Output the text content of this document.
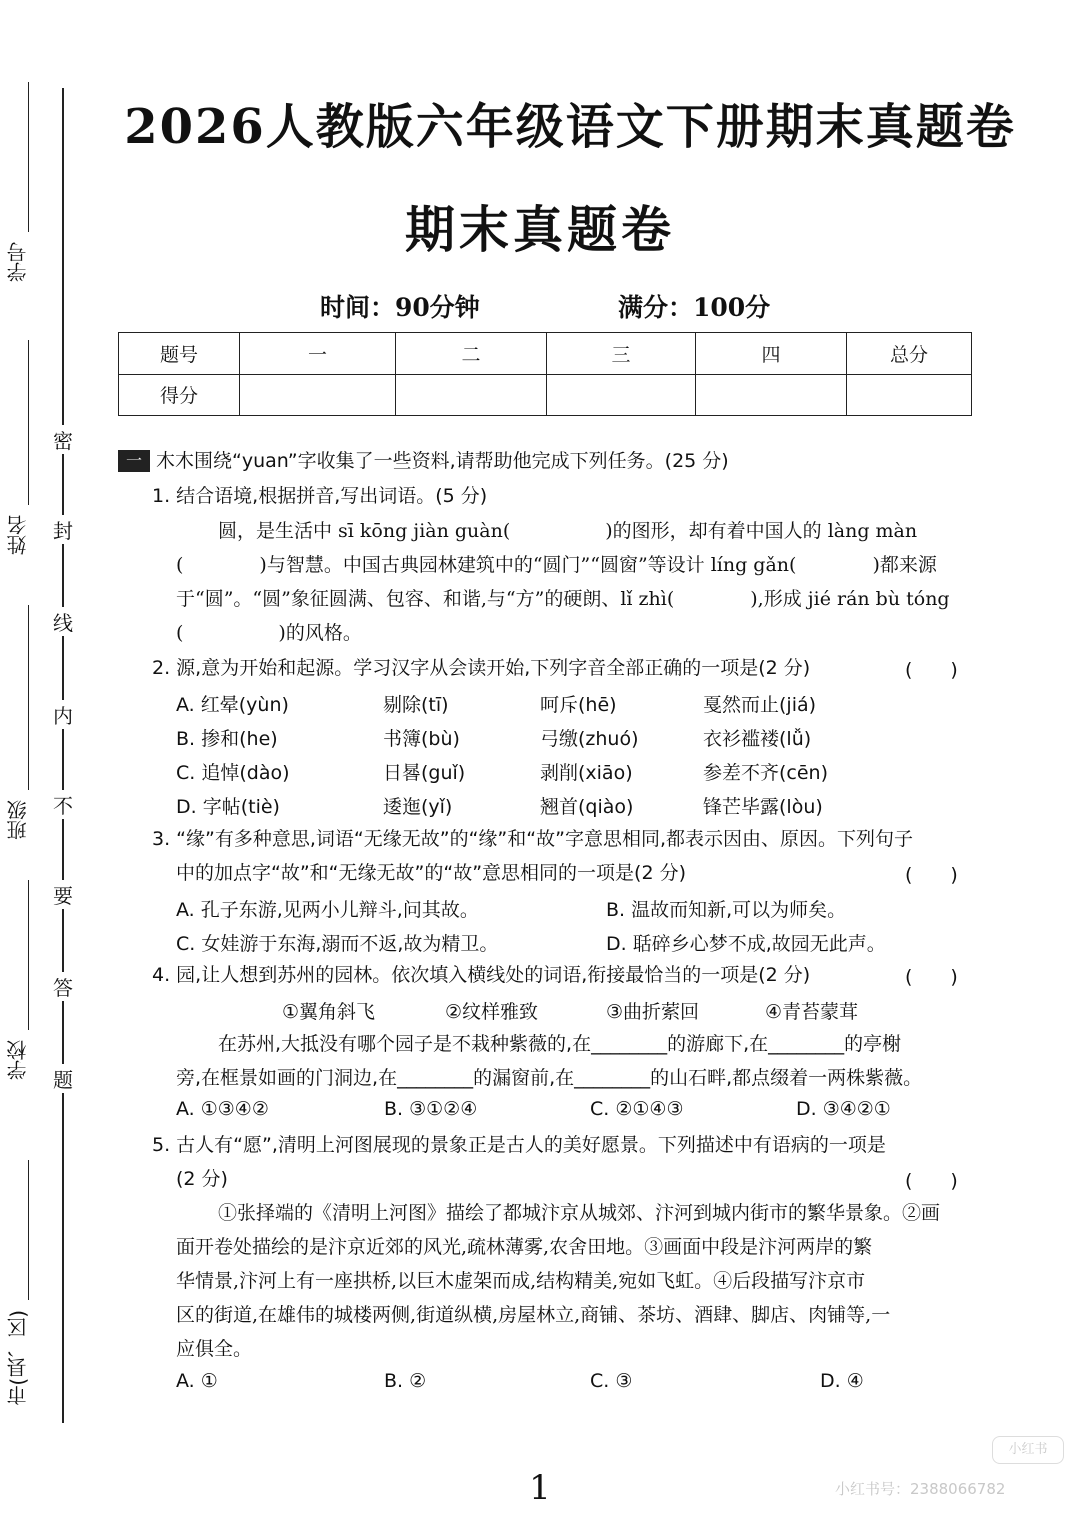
学号
姓名
班级
学校
市(县、区)
密
封
线
内
不
要
答
题
2026人教版六年级语文下册期末真题卷
期末真题卷
时间：90分钟	满分：100分
题号	一	二	三	四	总分
得分					
一 木木围绕“yuan”字收集了一些资料,请帮助他完成下列任务。(25 分)
1. 结合语境,根据拼音,写出词语。(5 分)
圆，是生活中 sī kōng jiàn guàn(　　　　　)的图形，却有着中国人的 làng màn
(　　　　)与智慧。中国古典园林建筑中的“圆门”“圆窗”等设计 líng gǎn(　　　　)都来源
于“圆”。“圆”象征圆满、包容、和谐,与“方”的硬朗、lǐ zhì(　　　　),形成 jié rán bù tóng
(　　　　　)的风格。
2. 源,意为开始和起源。学习汉字从会读开始,下列字音全部正确的一项是(2 分)	(　　)
A. 红晕(yùn)	剔除(tī)	呵斥(hē)	戛然而止(jiá)
B. 掺和(he)	书簿(bù)	弓缴(zhuó)	衣衫褴褛(lǚ)
C. 追悼(dào)	日晷(guǐ)	剥削(xiāo)	参差不齐(cēn)
D. 字帖(tiè)	逶迤(yǐ)	翘首(qiào)	锋芒毕露(lòu)
3. “缘”有多种意思,词语“无缘无故”的“缘”和“故”字意思相同,都表示因由、原因。下列句子
中的加点字“故”和“无缘无故”的“故”意思相同的一项是(2 分)	(　　)
A. 孔子东游,见两小儿辩斗,问其故。	B. 温故而知新,可以为师矣。
C. 女娃游于东海,溺而不返,故为精卫。	D. 聒碎乡心梦不成,故园无此声。
4. 园,让人想到苏州的园林。依次填入横线处的词语,衔接最恰当的一项是(2 分)	(　　)
①翼角斜飞	②纹样雅致	③曲折萦回	④青苔蒙茸
在苏州,大抵没有哪个园子是不栽种紫薇的,在________的游廊下,在________的亭榭
旁,在框景如画的门洞边,在________的漏窗前,在________的山石畔,都点缀着一两株紫薇。
A. ①③④②	B. ③①②④	C. ②①④③	D. ③④②①
5. 古人有“愿”,清明上河图展现的景象正是古人的美好愿景。下列描述中有语病的一项是
(2 分)	(　　)
①张择端的《清明上河图》描绘了都城汴京从城郊、汴河到城内街市的繁华景象。②画
面开卷处描绘的是汴京近郊的风光,疏林薄雾,农舍田地。③画面中段是汴河两岸的繁
华情景,汴河上有一座拱桥,以巨木虚架而成,结构精美,宛如飞虹。④后段描写汴京市
区的街道,在雄伟的城楼两侧,街道纵横,房屋林立,商铺、茶坊、酒肆、脚店、肉铺等,一
应俱全。
A. ①	B. ②	C. ③	D. ④
小红书
1	小红书号：2388066782
